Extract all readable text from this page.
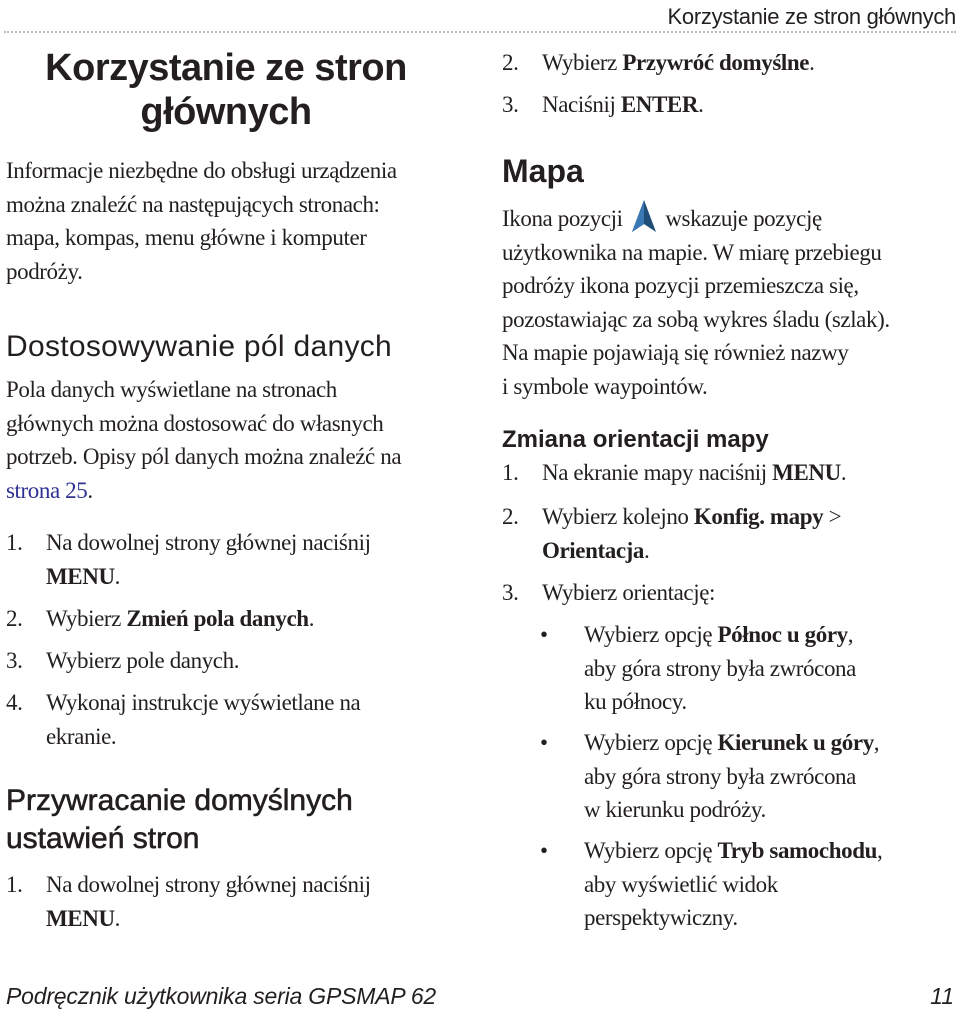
Korzystanie ze stron głównych
Korzystanie ze stron
głównych
Informacje niezbędne do obsługi urządzenia
można znaleźć na następujących stronach:
mapa, kompas, menu główne i komputer
podróży.
Dostosowywanie pól danych
Pola danych wyświetlane na stronach
głównych można dostosować do własnych
potrzeb. Opisy pól danych można znaleźć na
strona 25.
1.	Na dowolnej strony głównej naciśnij
MENU.
2.	Wybierz Zmień pola danych.
3.	Wybierz pole danych.
4.	Wykonaj instrukcje wyświetlane na
ekranie.
Przywracanie domyślnych
ustawień stron
1.	Na dowolnej strony głównej naciśnij
MENU.
2.	Wybierz Przywróć domyślne.
3.	Naciśnij ENTER.
Mapa
Ikona pozycji wskazuje pozycję
użytkownika na mapie. W miarę przebiegu
podróży ikona pozycji przemieszcza się,
pozostawiając za sobą wykres śladu (szlak).
Na mapie pojawiają się również nazwy
i symbole waypointów.
Zmiana orientacji mapy
1.	Na ekranie mapy naciśnij MENU.
2.	Wybierz kolejno Konfig. mapy >
Orientacja.
3.	Wybierz orientację:
•	Wybierz opcję Północ u góry,
aby góra strony była zwrócona
ku północy.
•	Wybierz opcję Kierunek u góry,
aby góra strony była zwrócona
w kierunku podróży.
•	Wybierz opcję Tryb samochodu,
aby wyświetlić widok
perspektywiczny.
Podręcznik użytkownika seria GPSMAP 62	11
